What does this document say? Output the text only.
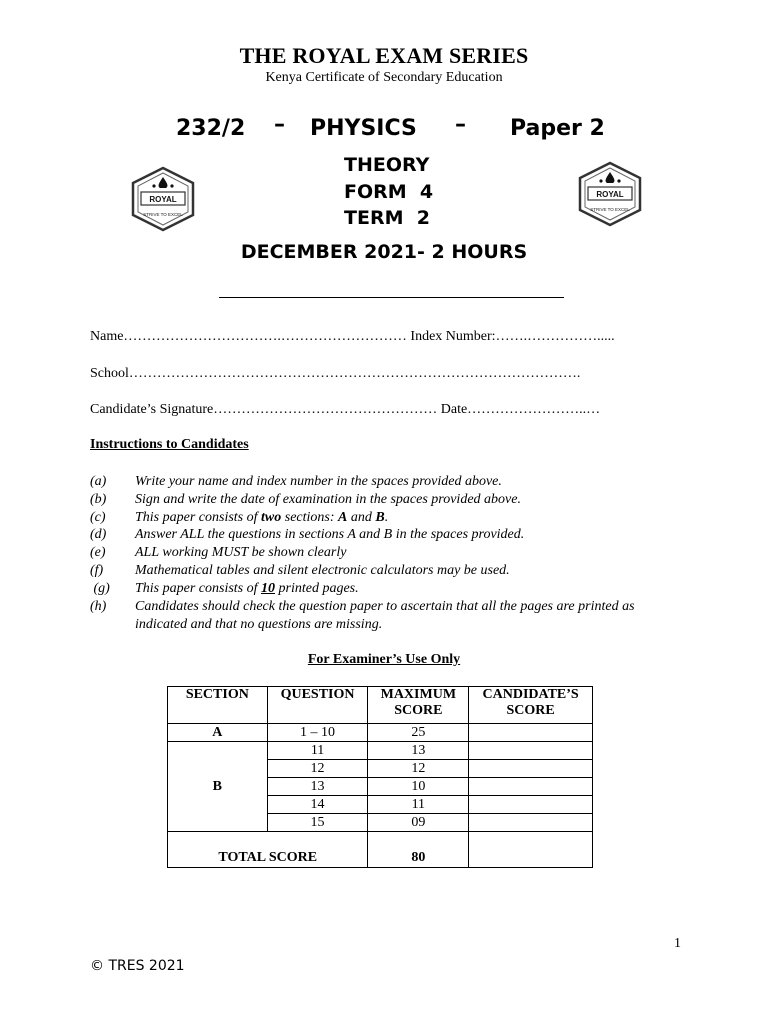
THE ROYAL EXAM SERIES
Kenya Certificate of Secondary Education
232/2 – PHYSICS – Paper 2
THEORY
FORM  4
TERM  2
ROYAL
STRIVE TO EXCEL
ROYAL
STRIVE TO EXCEL
DECEMBER 2021- 2 HOURS
Name…………………………….……………………… Index Number:…….…………….....
School…………………………………………………………………………………….
Candidate’s Signature………………………………………… Date……………………..…
Instructions to Candidates
(a) Write your name and index number in the spaces provided above.
(b) Sign and write the date of examination in the spaces provided above.
(c) This paper consists of two sections: A and B.
(d) Answer ALL the questions in sections A and B in the spaces provided.
(e) ALL working MUST be shown clearly
(f) Mathematical tables and silent electronic calculators may be used.
(g) This paper consists of 10 printed pages.
(h) Candidates should check the question paper to ascertain that all the pages are printed as
indicated and that no questions are missing.
For Examiner’s Use Only
SECTION	QUESTION	MAXIMUM SCORE	CANDIDATE’S SCORE
A	1 – 10	25	
B	11	13	
	12	12	
	13	10	
	14	11	
	15	09	
TOTAL SCORE		80	
1
© TRES 2021
